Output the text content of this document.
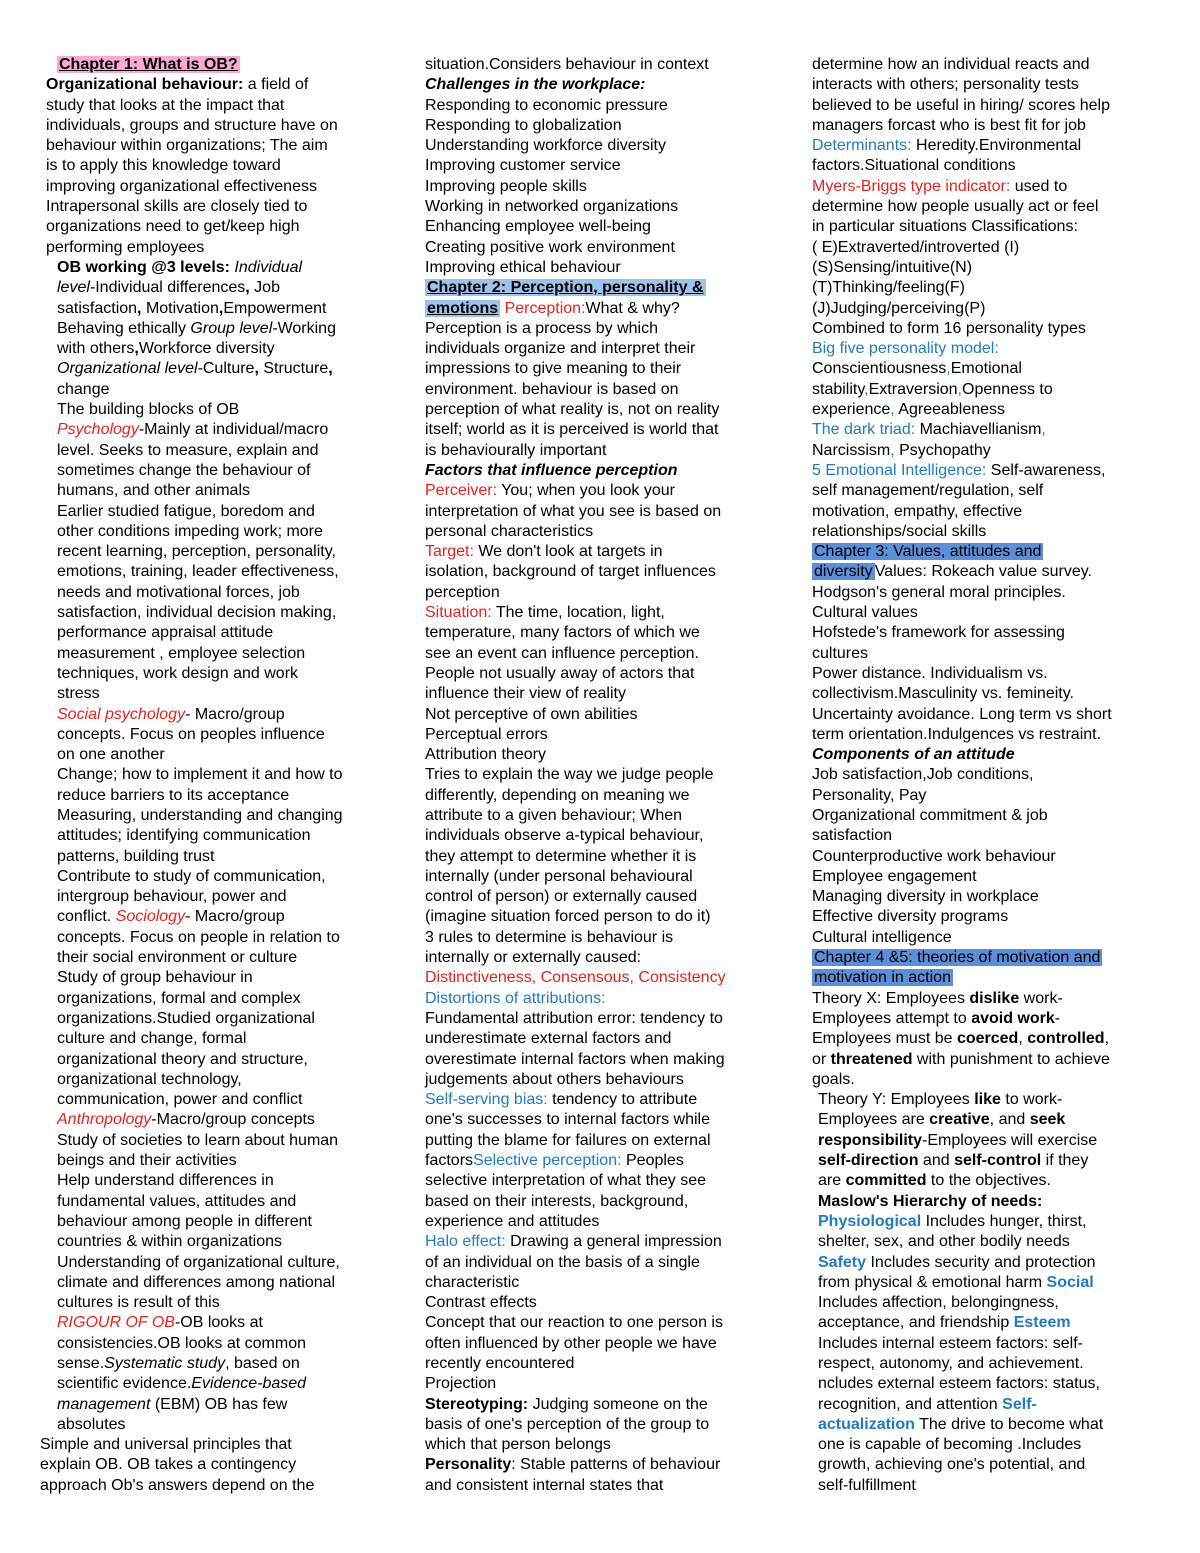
Chapter 1: What is OB?
Organizational behaviour: a field of
study that looks at the impact that
individuals, groups and structure have on
behaviour within organizations; The aim
is to apply this knowledge toward
improving organizational effectiveness
Intrapersonal skills are closely tied to
organizations need to get/keep high
performing employees
OB working @3 levels: Individual
level-Individual differences, Job
satisfaction, Motivation,Empowerment
Behaving ethically Group level-Working
with others,Workforce diversity
Organizational level-Culture, Structure,
change
The building blocks of OB
Psychology-Mainly at individual/macro
level. Seeks to measure, explain and
sometimes change the behaviour of
humans, and other animals
Earlier studied fatigue, boredom and
other conditions impeding work; more
recent learning, perception, personality,
emotions, training, leader effectiveness,
needs and motivational forces, job
satisfaction, individual decision making,
performance appraisal attitude
measurement , employee selection
techniques, work design and work
stress
Social psychology- Macro/group
concepts. Focus on peoples influence
on one another
Change; how to implement it and how to
reduce barriers to its acceptance
Measuring, understanding and changing
attitudes; identifying communication
patterns, building trust
Contribute to study of communication,
intergroup behaviour, power and
conflict. Sociology- Macro/group
concepts. Focus on people in relation to
their social environment or culture
Study of group behaviour in
organizations, formal and complex
organizations.Studied organizational
culture and change, formal
organizational theory and structure,
organizational technology,
communication, power and conflict
Anthropology-Macro/group concepts
Study of societies to learn about human
beings and their activities
Help understand differences in
fundamental values, attitudes and
behaviour among people in different
countries & within organizations
Understanding of organizational culture,
climate and differences among national
cultures is result of this
RIGOUR OF OB-OB looks at
consistencies.OB looks at common
sense.Systematic study, based on
scientific evidence.Evidence-based
management (EBM) OB has few
absolutes
Simple and universal principles that
explain OB. OB takes a contingency
approach Ob's answers depend on the
situation.Considers behaviour in context
Challenges in the workplace:
Responding to economic pressure
Responding to globalization
Understanding workforce diversity
Improving customer service
Improving people skills
Working in networked organizations
Enhancing employee well-being
Creating positive work environment
Improving ethical behaviour
Chapter 2: Perception, personality &
emotions Perception:What & why?
Perception is a process by which
individuals organize and interpret their
impressions to give meaning to their
environment. behaviour is based on
perception of what reality is, not on reality
itself; world as it is perceived is world that
is behaviourally important
Factors that influence perception
Perceiver: You; when you look your
interpretation of what you see is based on
personal characteristics
Target: We don't look at targets in
isolation, background of target influences
perception
Situation: The time, location, light,
temperature, many factors of which we
see an event can influence perception.
People not usually away of actors that
influence their view of reality
Not perceptive of own abilities
Perceptual errors
Attribution theory
Tries to explain the way we judge people
differently, depending on meaning we
attribute to a given behaviour; When
individuals observe a-typical behaviour,
they attempt to determine whether it is
internally (under personal behavioural
control of person) or externally caused
(imagine situation forced person to do it)
3 rules to determine is behaviour is
internally or externally caused:
Distinctiveness, Consensous, Consistency
Distortions of attributions:
Fundamental attribution error: tendency to
underestimate external factors and
overestimate internal factors when making
judgements about others behaviours
Self-serving bias: tendency to attribute
one's successes to internal factors while
putting the blame for failures on external
factorsSelective perception: Peoples
selective interpretation of what they see
based on their interests, background,
experience and attitudes
Halo effect: Drawing a general impression
of an individual on the basis of a single
characteristic
Contrast effects
Concept that our reaction to one person is
often influenced by other people we have
recently encountered
Projection
Stereotyping: Judging someone on the
basis of one's perception of the group to
which that person belongs
Personality: Stable patterns of behaviour
and consistent internal states that
determine how an individual reacts and
interacts with others; personality tests
believed to be useful in hiring/ scores help
managers forcast who is best fit for job
Determinants: Heredity.Environmental
factors.Situational conditions
Myers-Briggs type indicator: used to
determine how people usually act or feel
in particular situations Classifications:
( E)Extraverted/introverted (I)
(S)Sensing/intuitive(N)
(T)Thinking/feeling(F)
(J)Judging/perceiving(P)
Combined to form 16 personality types
Big five personality model:
Conscientiousness,Emotional
stability,Extraversion,Openness to
experience, Agreeableness
The dark triad: Machiavellianism,
Narcissism, Psychopathy
5 Emotional Intelligence: Self-awareness,
self management/regulation, self
motivation, empathy, effective
relationships/social skills
Chapter 3: Values, attitudes and
diversity Values: Rokeach value survey.
Hodgson's general moral principles.
Cultural values
Hofstede's framework for assessing
cultures
Power distance. Individualism vs.
collectivism.Masculinity vs. femineity.
Uncertainty avoidance. Long term vs short
term orientation.Indulgences vs restraint.
Components of an attitude
Job satisfaction,Job conditions,
Personality, Pay
Organizational commitment & job
satisfaction
Counterproductive work behaviour
Employee engagement
Managing diversity in workplace
Effective diversity programs
Cultural intelligence
Chapter 4 &5: theories of motivation and
motivation in action
Theory X: Employees dislike work-
Employees attempt to avoid work-
Employees must be coerced, controlled,
or threatened with punishment to achieve
goals.
Theory Y: Employees like to work-
Employees are creative, and seek
responsibility-Employees will exercise
self-direction and self-control if they
are committed to the objectives.
Maslow's Hierarchy of needs:
Physiological Includes hunger, thirst,
shelter, sex, and other bodily needs
Safety Includes security and protection
from physical & emotional harm Social
Includes affection, belongingness,
acceptance, and friendship Esteem
Includes internal esteem factors: self-
respect, autonomy, and achievement.
ncludes external esteem factors: status,
recognition, and attention Self-
actualization The drive to become what
one is capable of becoming .Includes
growth, achieving one's potential, and
self-fulfillment
